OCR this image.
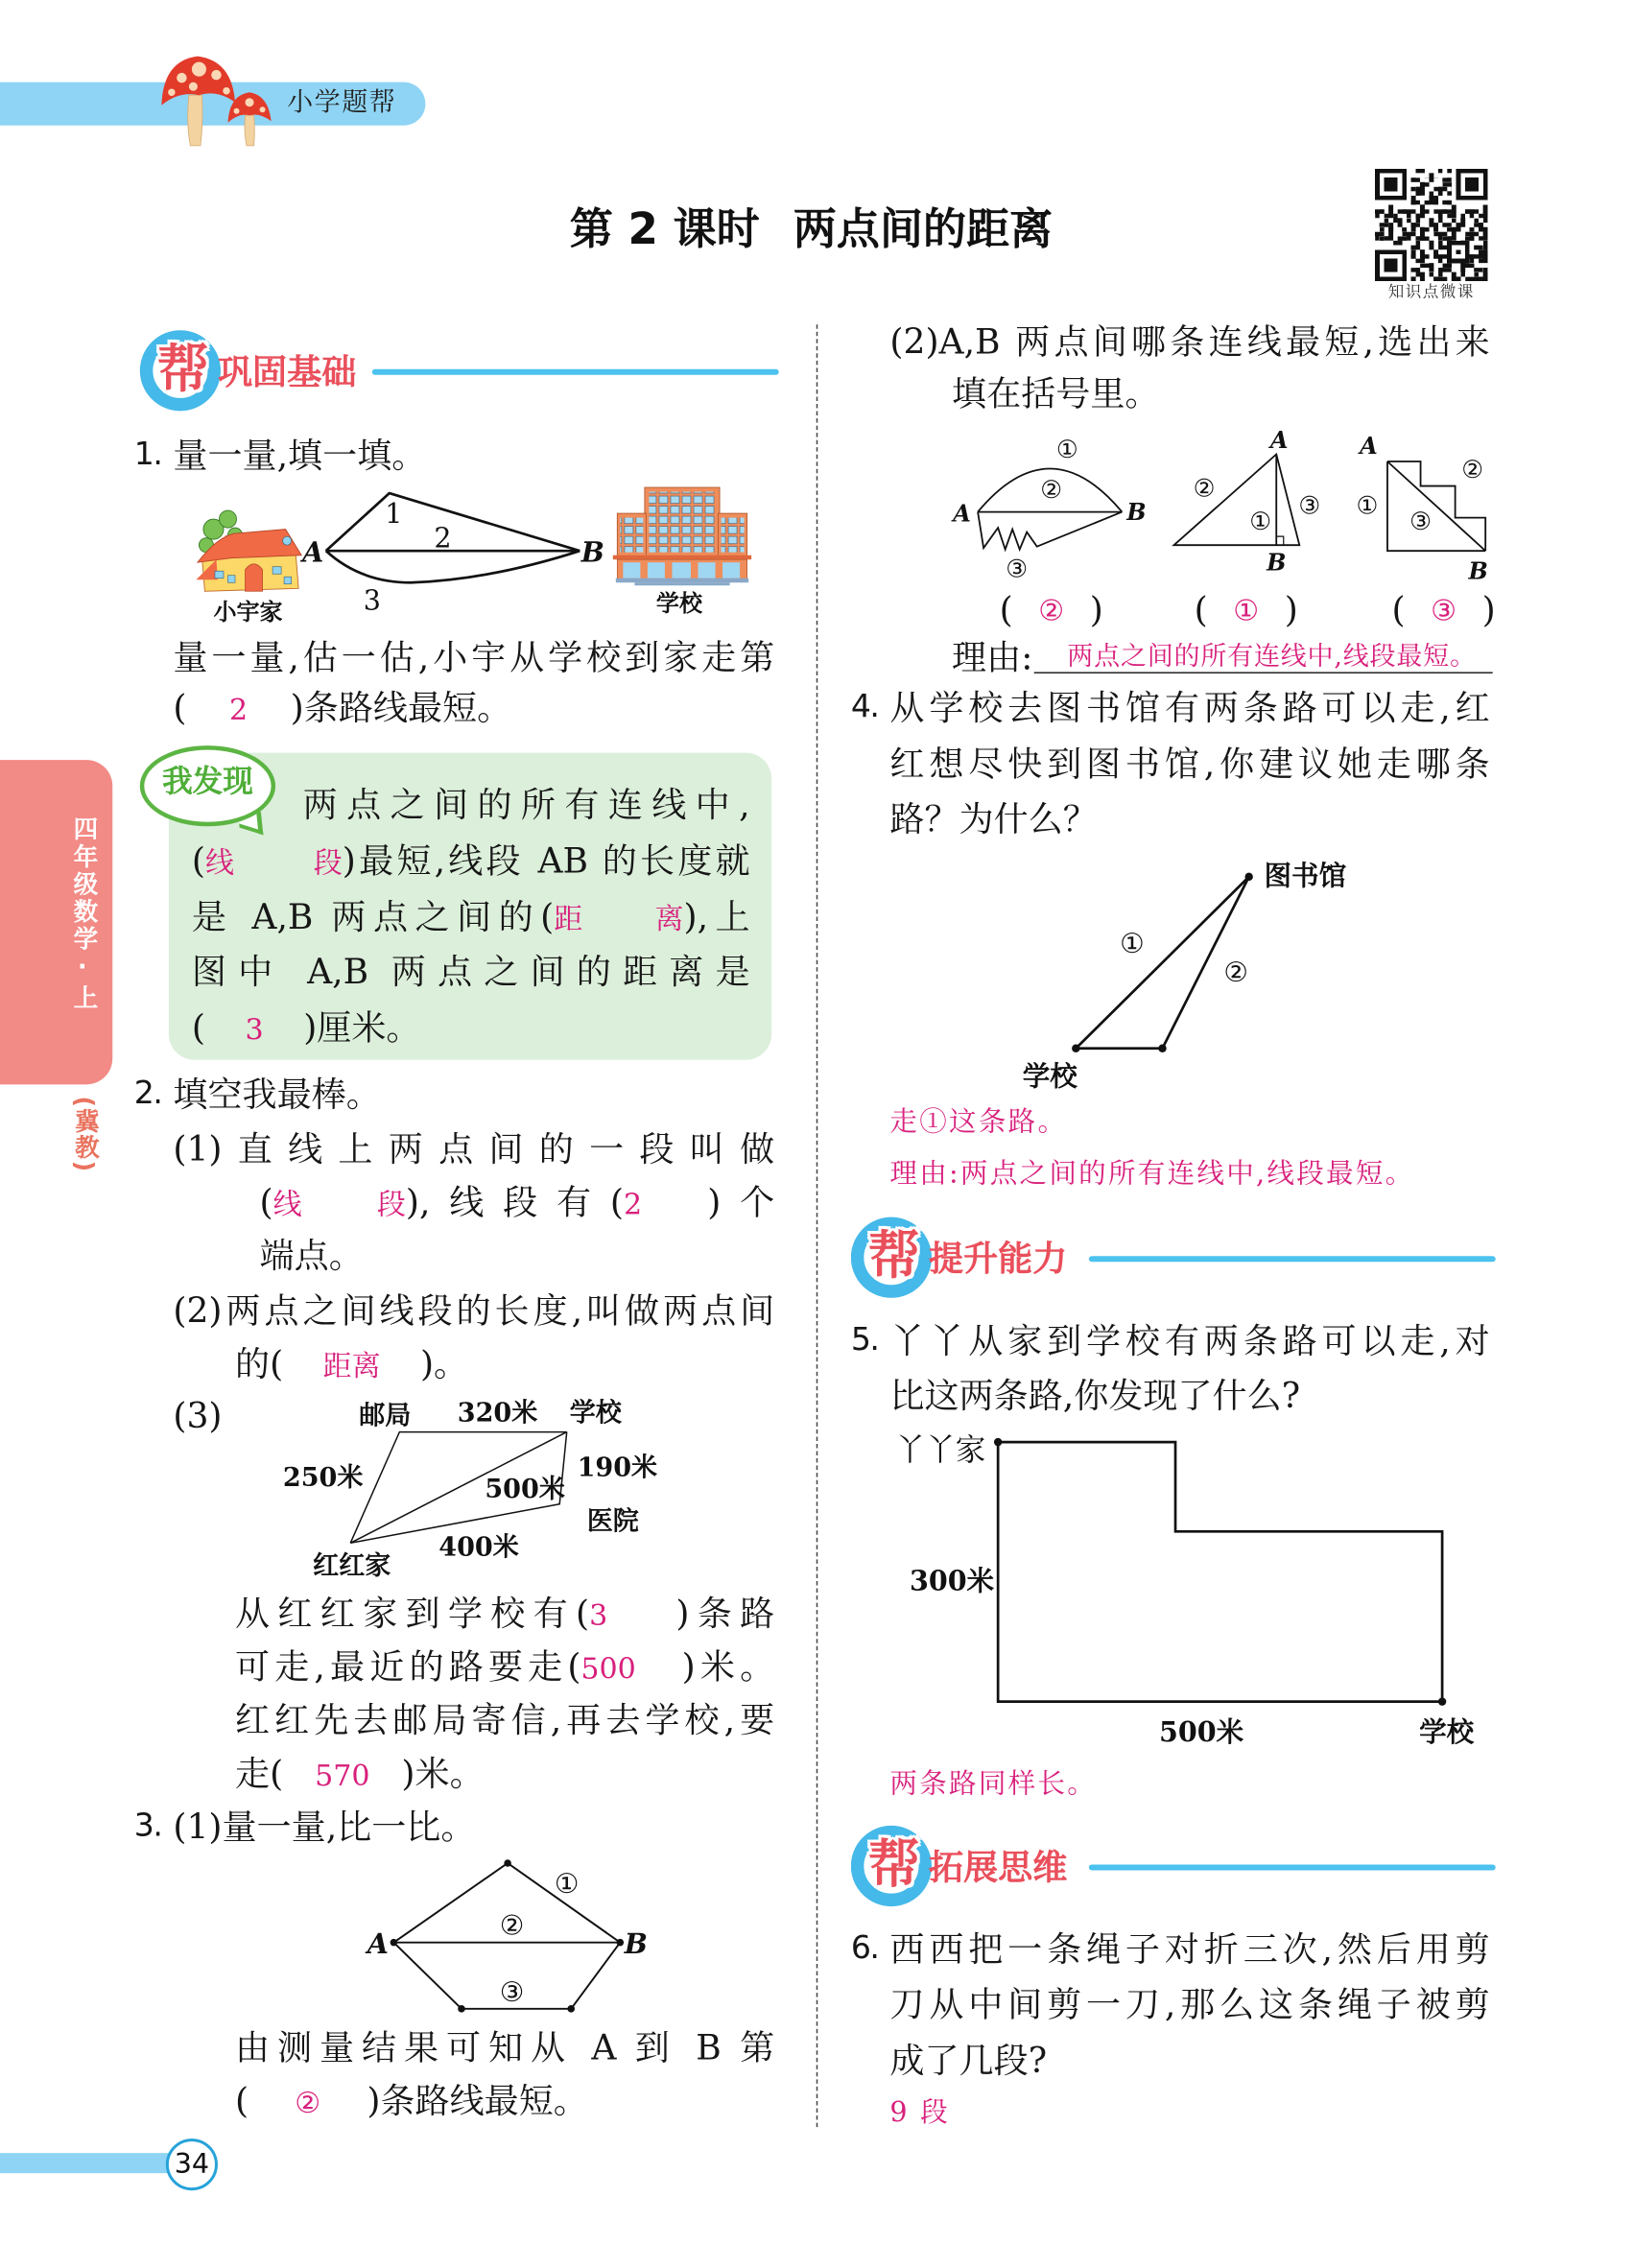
小学题帮
第 2 课时 两点间的距离
知识点微课
四年级数学·上
(冀教)
帮 巩固基础
1. 量一量,填一填。
1
2
3
A	B
小宇家	学校
量一量,估一估,小宇从学校到家走第
( 2 )条路线最短。
我发现
两点之间的所有连线中,
(线段)最短,线段 AB 的长度就
是 A,B 两点之间的(距离),上
图中 A,B 两点之间的距离是
( 3 )厘米。
2. 填空我最棒。
(1)直线上两点间的一段叫做
(线段),线段有(2	)个
端点。
(2)两点之间线段的长度,叫做两点间
的( 距离 )。
(3)	邮局	320米 学校
250米	500米
190米
医院
400米
红红家
从红红家到学校有(3	)条路
可走,最近的路要走(500 )米。
红红先去邮局寄信,再去学校,要
走( 570 )米。
3. (1)量一量,比一比。
A	B
①
②
③
由测量结果可知从 A 到 B 第
( ② )条路线最短。
34
(2)A,B 两点间哪条连线最短,选出来
填在括号里。
A	B
①
②
③
A
B
①
②
③
A
B
①
②
③
( ② )	( ① )	( ③ )
理由: 两点之间的所有连线中,线段最短。
4. 从学校去图书馆有两条路可以走,红
红想尽快到图书馆,你建议她走哪条
路？为什么？
图书馆
学校
①
②
走①这条路。
理由:两点之间的所有连线中,线段最短。
帮 提升能力
5. 丫丫从家到学校有两条路可以走,对
比这两条路,你发现了什么?
丫丫家
300米
500米	学校
两条路同样长。
帮 拓展思维
6. 西西把一条绳子对折三次,然后用剪
刀从中间剪一刀,那么这条绳子被剪
成了几段?
9 段
